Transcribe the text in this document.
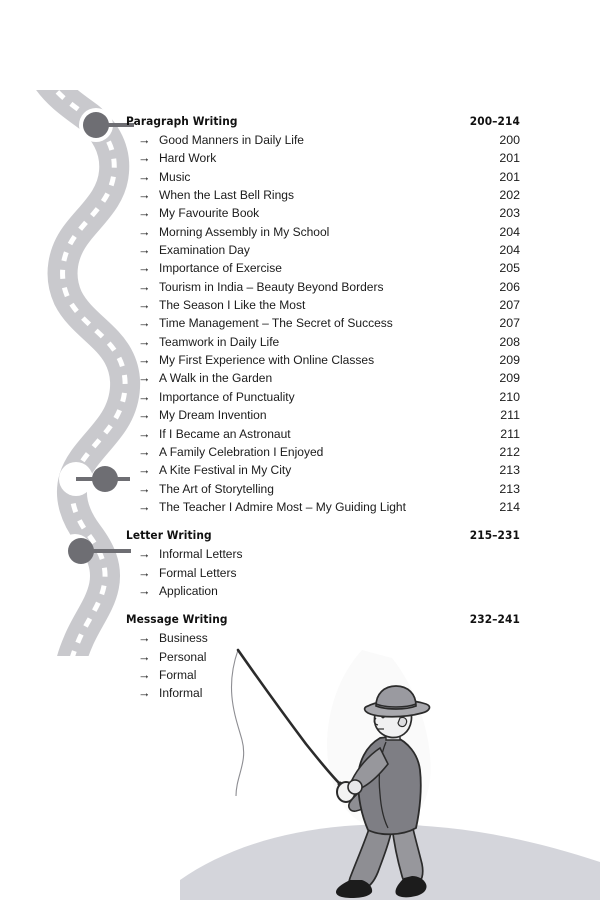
Paragraph Writing	200–214
→ Good Manners in Daily Life	200
→ Hard Work	201
→ Music	201
→ When the Last Bell Rings	202
→ My Favourite Book	203
→ Morning Assembly in My School	204
→ Examination Day	204
→ Importance of Exercise	205
→ Tourism in India – Beauty Beyond Borders	206
→ The Season I Like the Most	207
→ Time Management – The Secret of Success	207
→ Teamwork in Daily Life	208
→ My First Experience with Online Classes	209
→ A Walk in the Garden	209
→ Importance of Punctuality	210
→ My Dream Invention	211
→ If I Became an Astronaut	211
→ A Family Celebration I Enjoyed	212
→ A Kite Festival in My City	213
→ The Art of Storytelling	213
→ The Teacher I Admire Most – My Guiding Light	214
Letter Writing	215–231
→ Informal Letters
→ Formal Letters
→ Application
Message Writing	232–241
→ Business
→ Personal
→ Formal
→ Informal
